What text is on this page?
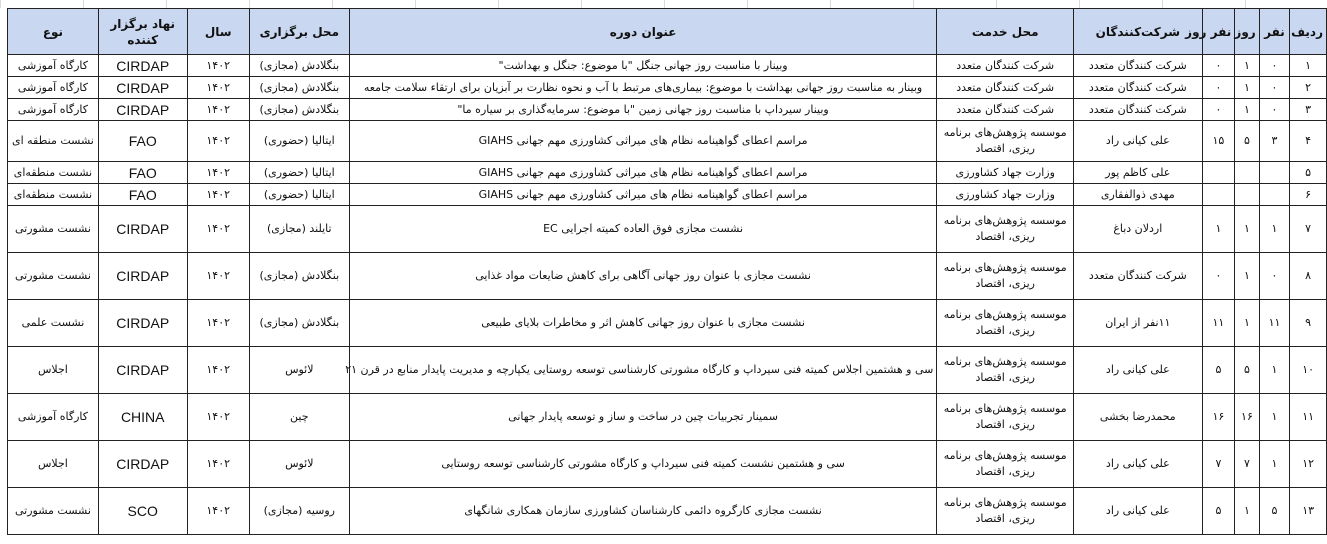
ردیف	نفر	روز	نفر روز	شرکت‌کنندگان	محل خدمت	عنوان دوره	محل برگزاری	سال	نهاد برگزار کننده	نوع
۱	۰	۱	۰	شرکت کنندگان متعدد	شرکت کنندگان متعدد	وبینار با مناسبت روز جهانی جنگل "با موضوع: جنگل و بهداشت"	بنگلادش (مجازی)	۱۴۰۲	CIRDAP	کارگاه آموزشی
۲	۰	۱	۰	شرکت کنندگان متعدد	شرکت کنندگان متعدد	وبینار به مناسبت روز جهانی بهداشت با موضوع: بیماری‌های مرتبط با آب و نحوه نظارت بر آبزیان برای ارتقاء سلامت جامعه	بنگلادش (مجازی)	۱۴۰۲	CIRDAP	کارگاه آموزشی
۳	۰	۱	۰	شرکت کنندگان متعدد	شرکت کنندگان متعدد	وبینار سیرداپ با مناسبت روز جهانی زمین "با موضوع: سرمایه‌گذاری بر سیاره ما"	بنگلادش (مجازی)	۱۴۰۲	CIRDAP	کارگاه آموزشی
۴	۳	۵	۱۵	علی کیانی راد	موسسه پژوهش‌های برنامه ریزی، اقتصاد	مراسم اعطای گواهینامه نظام های میراثی کشاورزی مهم جهانی GIAHS	ایتالیا (حضوری)	۱۴۰۲	FAO	نشست منطقه ای
۵				علی کاظم پور	وزارت جهاد کشاورزی	مراسم اعطای گواهینامه نظام های میراثی کشاورزی مهم جهانی GIAHS	ایتالیا (حضوری)	۱۴۰۲	FAO	نشست منطقه‌ای
۶				مهدی ذوالفقاری	وزارت جهاد کشاورزی	مراسم اعطای گواهینامه نظام های میراثی کشاورزی مهم جهانی GIAHS	ایتالیا (حضوری)	۱۴۰۲	FAO	نشست منطقه‌ای
۷	۱	۱	۱	اردلان دباغ	موسسه پژوهش‌های برنامه ریزی، اقتصاد	نشست مجازی فوق العاده کمیته اجرایی EC	تایلند (مجازی)	۱۴۰۲	CIRDAP	نشست مشورتی
۸	۰	۱	۰	شرکت کنندگان متعدد	موسسه پژوهش‌های برنامه ریزی، اقتصاد	نشست مجازی با عنوان روز جهانی آگاهی برای کاهش ضایعات مواد غذایی	بنگلادش (مجازی)	۱۴۰۲	CIRDAP	نشست مشورتی
۹	۱۱	۱	۱۱	۱۱نفر از ایران	موسسه پژوهش‌های برنامه ریزی، اقتصاد	نشست مجازی با عنوان روز جهانی کاهش اثر و مخاطرات بلایای طبیعی	بنگلادش (مجازی)	۱۴۰۲	CIRDAP	نشست علمی
۱۰	۱	۵	۵	علی کیانی راد	موسسه پژوهش‌های برنامه ریزی، اقتصاد	سی و هشتمین اجلاس کمیته فنی سیرداپ و کارگاه مشورتی کارشناسی توسعه روستایی یکپارچه و مدیریت پایدار منابع در قرن ۲۱	لائوس	۱۴۰۲	CIRDAP	اجلاس
۱۱	۱	۱۶	۱۶	محمدرضا بخشی	موسسه پژوهش‌های برنامه ریزی، اقتصاد	سمینار تجربیات چین در ساخت و ساز و توسعه پایدار جهانی	چین	۱۴۰۲	CHINA	کارگاه آموزشی
۱۲	۱	۷	۷	علی کیانی راد	موسسه پژوهش‌های برنامه ریزی، اقتصاد	سی و هشتمین نشست کمیته فنی سیرداپ و کارگاه مشورتی کارشناسی توسعه روستایی	لائوس	۱۴۰۲	CIRDAP	اجلاس
۱۳	۵	۱	۵	علی کیانی راد	موسسه پژوهش‌های برنامه ریزی، اقتصاد	نشست مجازی کارگروه دائمی کارشناسان کشاورزی سازمان همکاری شانگهای	روسیه (مجازی)	۱۴۰۲	SCO	نشست مشورتی
